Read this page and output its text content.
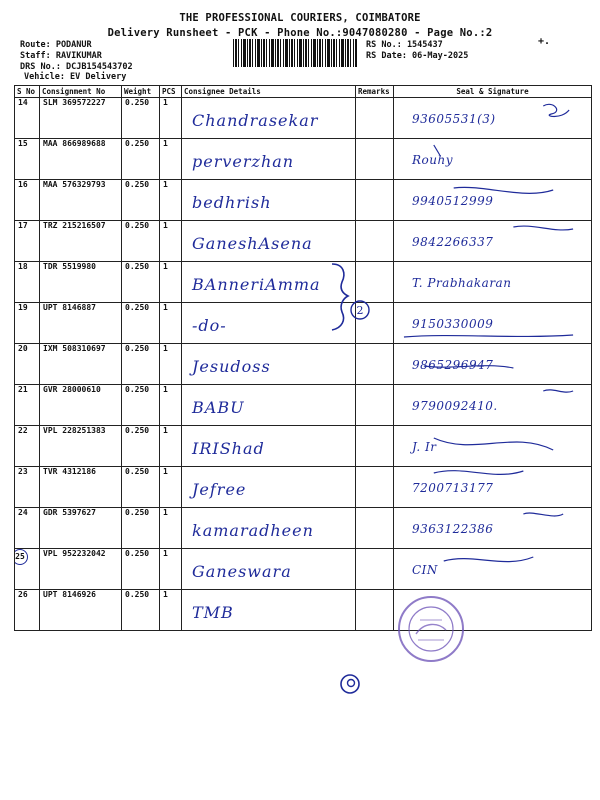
THE PROFESSIONAL COURIERS, COIMBATORE
Delivery Runsheet - PCK - Phone No.:9047080280 - Page No.:2
Route: PODANUR
Staff: RAVIKUMAR
DRS No.: DCJB154543702
Vehicle: EV Delivery
RS No.: 1545437
RS Date: 06-May-2025
+.
S No	Consignment No	Weight	PCS	Consignee Details	Remarks	Seal & Signature
14	SLM 369572227	0.250	1	Chandrasekar		93605531(3)

15	MAA 866989688	0.250	1	perverzhan		Rouhy

16	MAA 576329793	0.250	1	bedhrish		9940512999

17	TRZ 215216507	0.250	1	GaneshAsena		9842266337

18	TDR 5519980	0.250	1	BAnneriAmma		T. Prabhakaran

19	UPT 8146887	0.250	1	-do-		9150330009

20	IXM 508310697	0.250	1	Jesudoss		9865296947

21	GVR 28000610	0.250	1	BABU		9790092410.

22	VPL 228251383	0.250	1	IRIShad		J. Ir

23	TVR 4312186	0.250	1	Jefree		7200713177

24	GDR 5397627	0.250	1	kamaradheen		9363122386

25	VPL 952232042	0.250	1	Ganeswara		CIN

26	UPT 8146926	0.250	1	TMB		

2
